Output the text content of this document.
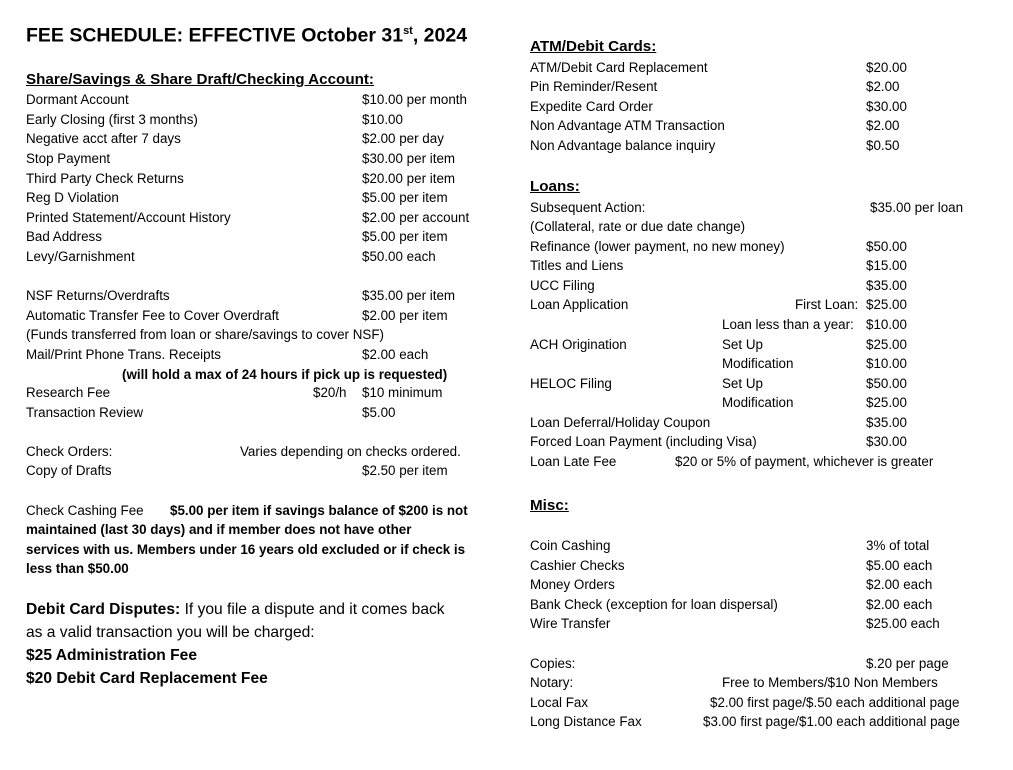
FEE SCHEDULE: EFFECTIVE October 31st, 2024
Share/Savings & Share Draft/Checking Account:
Dormant Account	$10.00 per month
Early Closing (first 3 months)	$10.00
Negative acct after 7 days	$2.00 per day
Stop Payment	$30.00 per item
Third Party Check Returns	$20.00 per item
Reg D Violation	$5.00 per item
Printed Statement/Account History	$2.00 per account
Bad Address	$5.00 per item
Levy/Garnishment	$50.00 each
NSF Returns/Overdrafts	$35.00 per item
Automatic Transfer Fee to Cover Overdraft	$2.00 per item
(Funds transferred from loan or share/savings to cover NSF)
Mail/Print Phone Trans. Receipts	$2.00 each
(will hold a max of 24 hours if pick up is requested)
Research Fee	$20/h $10 minimum
Transaction Review	$5.00
Check Orders:	Varies depending on checks ordered.
Copy of Drafts	$2.50 per item
Check Cashing Fee $5.00 per item if savings balance of $200 is not
maintained (last 30 days) and if member does not have other
services with us. Members under 16 years old excluded or if check is
less than $50.00
Debit Card Disputes: If you file a dispute and it comes back
as a valid transaction you will be charged:
$25 Administration Fee
$20 Debit Card Replacement Fee
ATM/Debit Cards:
ATM/Debit Card Replacement	$20.00
Pin Reminder/Resent	$2.00
Expedite Card Order	$30.00
Non Advantage ATM Transaction	$2.00
Non Advantage balance inquiry	$0.50
Loans:
Subsequent Action:	$35.00 per loan
(Collateral, rate or due date change)
Refinance (lower payment, no new money)	$50.00
Titles and Liens	$15.00
UCC Filing	$35.00
Loan Application	First Loan: $25.00
Loan less than a year: $10.00
ACH Origination	Set Up	$25.00
Modification	$10.00
HELOC Filing	Set Up	$50.00
Modification	$25.00
Loan Deferral/Holiday Coupon	$35.00
Forced Loan Payment (including Visa)	$30.00
Loan Late Fee	$20 or 5% of payment, whichever is greater
Misc:
Coin Cashing	3% of total
Cashier Checks	$5.00 each
Money Orders	$2.00 each
Bank Check (exception for loan dispersal)	$2.00 each
Wire Transfer	$25.00 each
Copies:	$.20 per page
Notary:	Free to Members/$10 Non Members
Local Fax	$2.00 first page/$.50 each additional page
Long Distance Fax	$3.00 first page/$1.00 each additional page
